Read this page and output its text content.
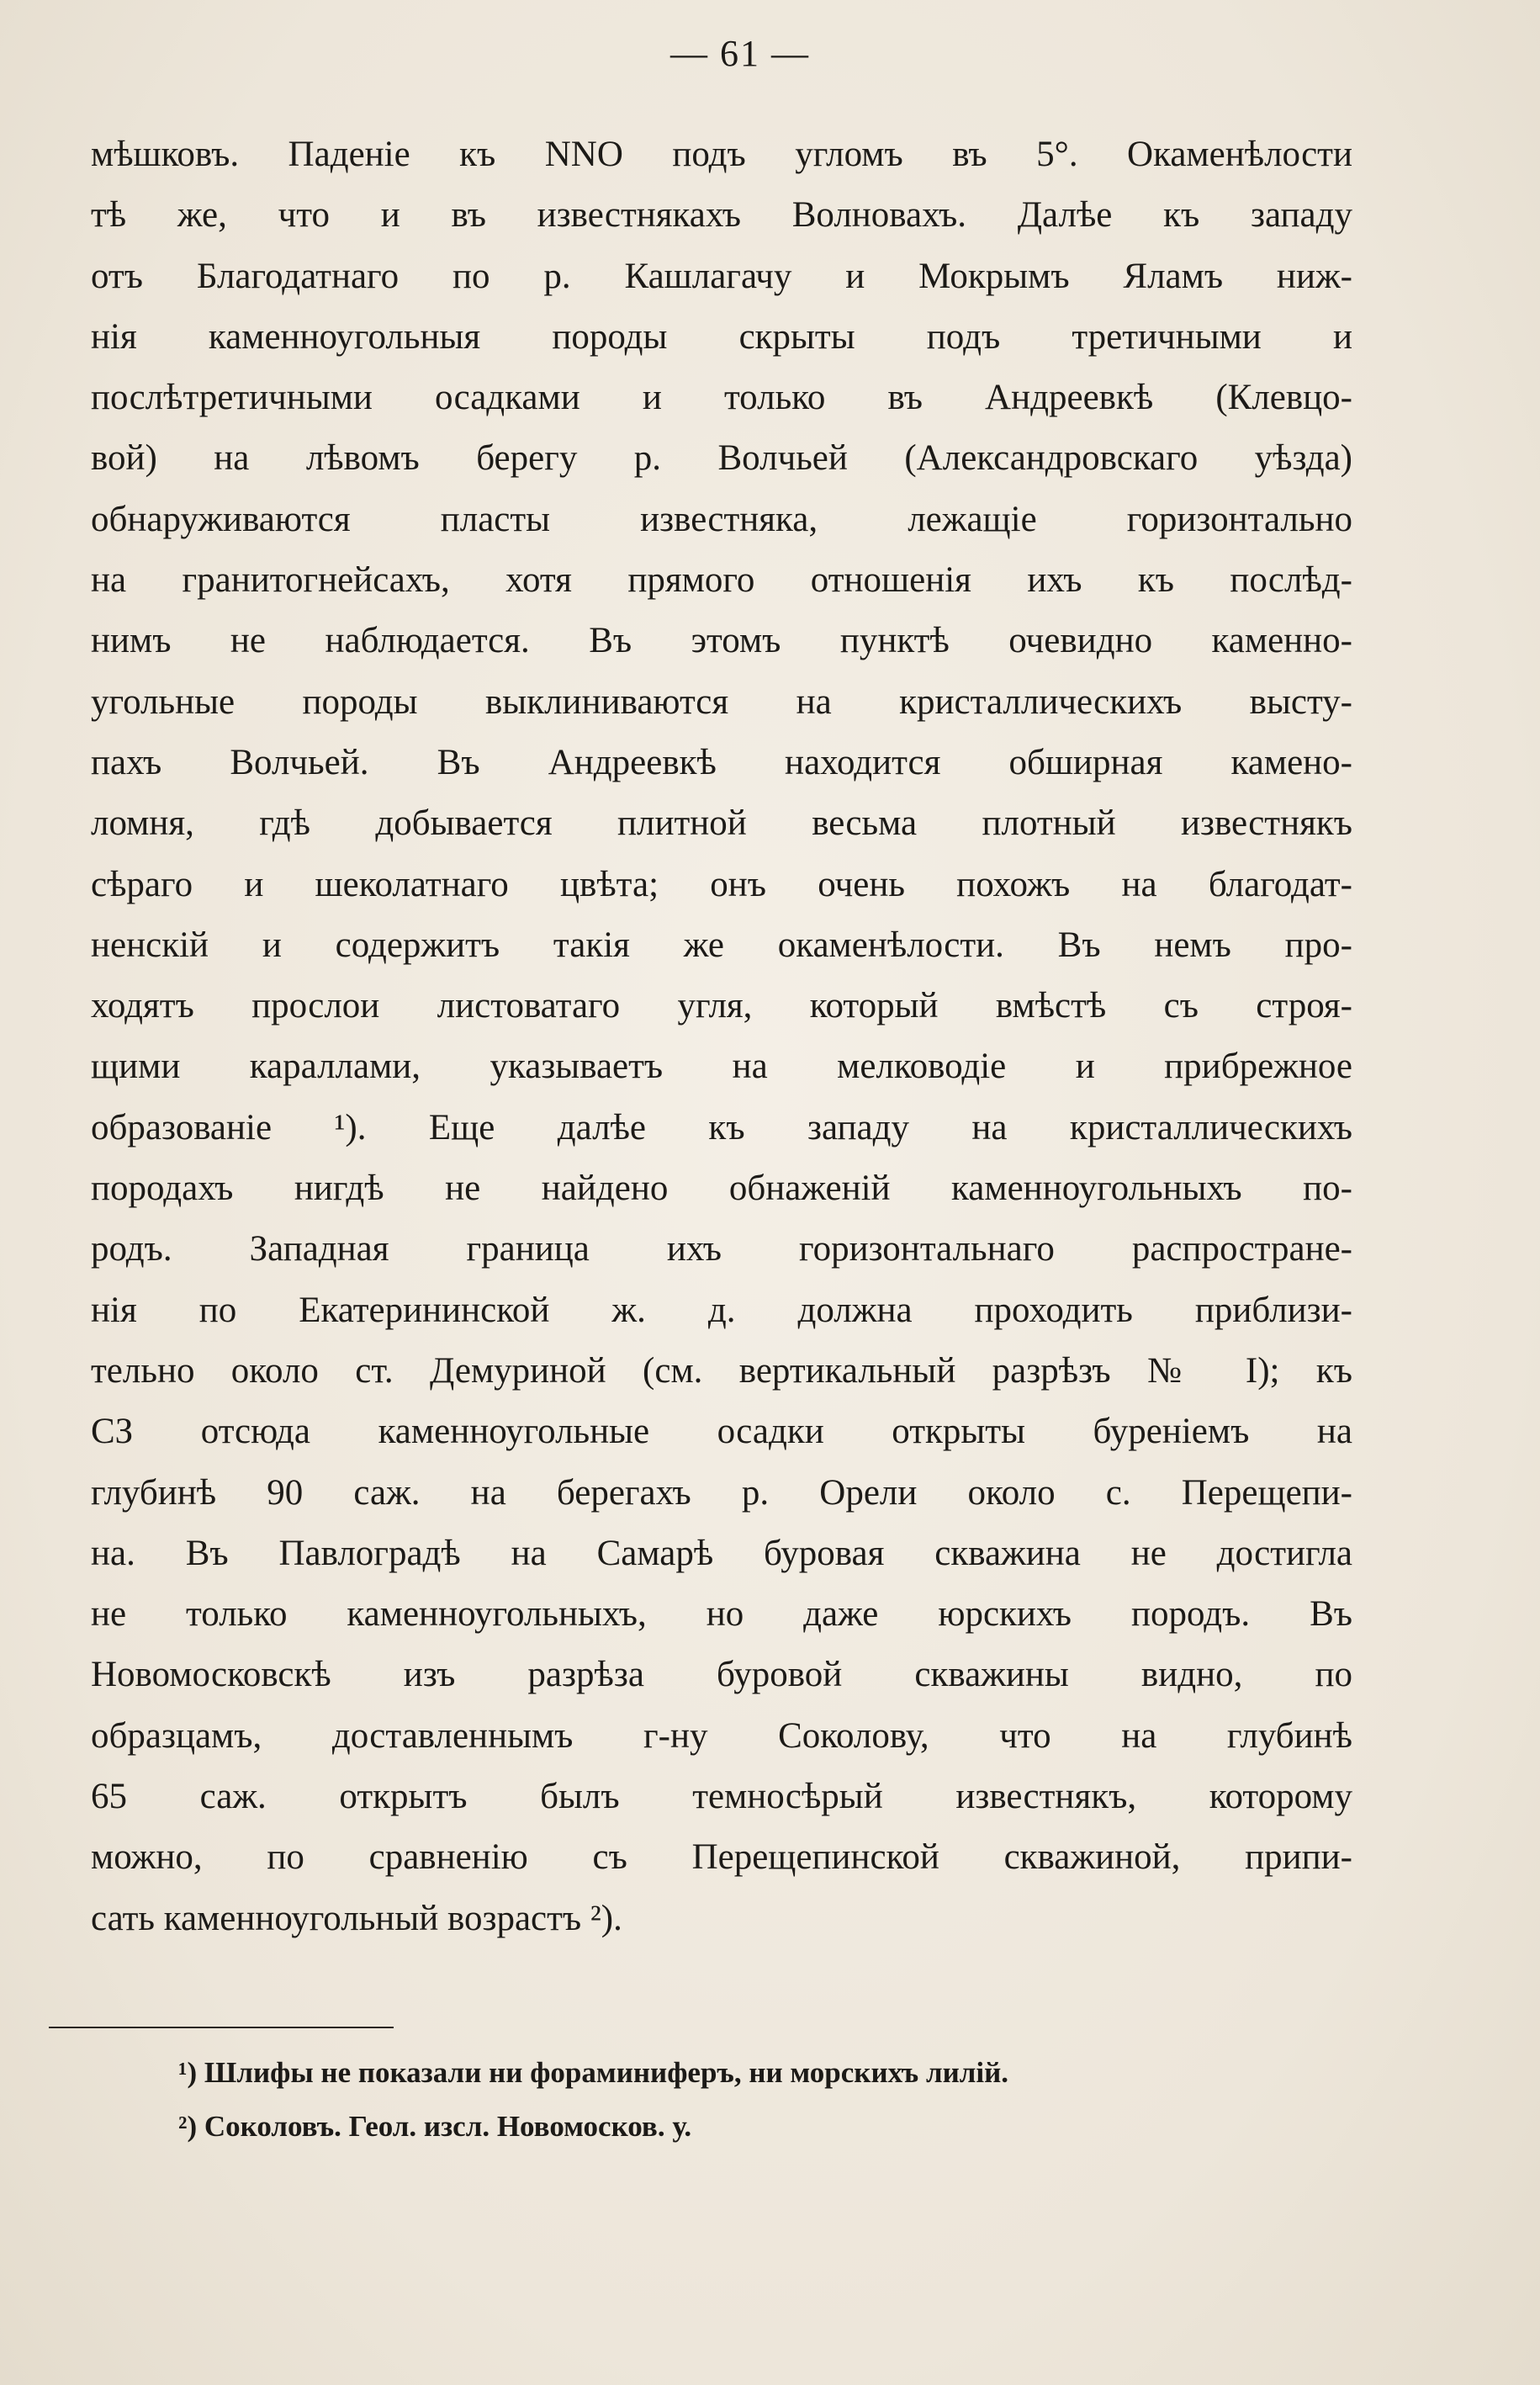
— 61 —
мѣшковъ. Паденіе къ NNO подъ угломъ въ 5°. Окаменѣлости
тѣ же, что и въ известнякахъ Волновахъ. Далѣе къ западу
отъ Благодатнаго по р. Кашлагачу и Мокрымъ Яламъ ниж-
нія каменноугольныя породы скрыты подъ третичными и
послѣтретичными осадками и только въ Андреевкѣ (Клевцо-
вой) на лѣвомъ берегу р. Волчьей (Александровскаго уѣзда)
обнаруживаются пласты известняка, лежащіе горизонтально
на гранитогнейсахъ, хотя прямого отношенія ихъ къ послѣд-
нимъ не наблюдается. Въ этомъ пунктѣ очевидно каменно-
угольные породы выклиниваются на кристаллическихъ высту-
пахъ Волчьей. Въ Андреевкѣ находится обширная камено-
ломня, гдѣ добывается плитной весьма плотный известнякъ
сѣраго и шеколатнаго цвѣта; онъ очень похожъ на благодат-
ненскій и содержитъ такія же окаменѣлости. Въ немъ про-
ходятъ прослои листоватаго угля, который вмѣстѣ съ строя-
щими караллами, указываетъ на мелководіе и прибрежное
образованіе ¹). Еще далѣе къ западу на кристаллическихъ
породахъ нигдѣ не найдено обнаженій каменноугольныхъ по-
родъ. Западная граница ихъ горизонтальнаго распростране-
нія по Екатерининской ж. д. должна проходить приблизи-
тельно около ст. Демуриной (см. вертикальный разрѣзъ № I); къ
СЗ отсюда каменноугольные осадки открыты буреніемъ на
глубинѣ 90 саж. на берегахъ р. Орели около с. Перещепи-
на. Въ Павлоградѣ на Самарѣ буровая скважина не достигла
не только каменноугольныхъ, но даже юрскихъ породъ. Въ
Новомосковскѣ изъ разрѣза буровой скважины видно, по
образцамъ, доставленнымъ г-ну Соколову, что на глубинѣ
65 саж. открытъ былъ темносѣрый известнякъ, которому
можно, по сравненію съ Перещепинской скважиной, припи-
сать каменноугольный возрастъ ²).
¹) Шлифы не показали ни фораминиферъ, ни морскихъ лилій.
²) Соколовъ. Геол. изсл. Новомосков. у.
